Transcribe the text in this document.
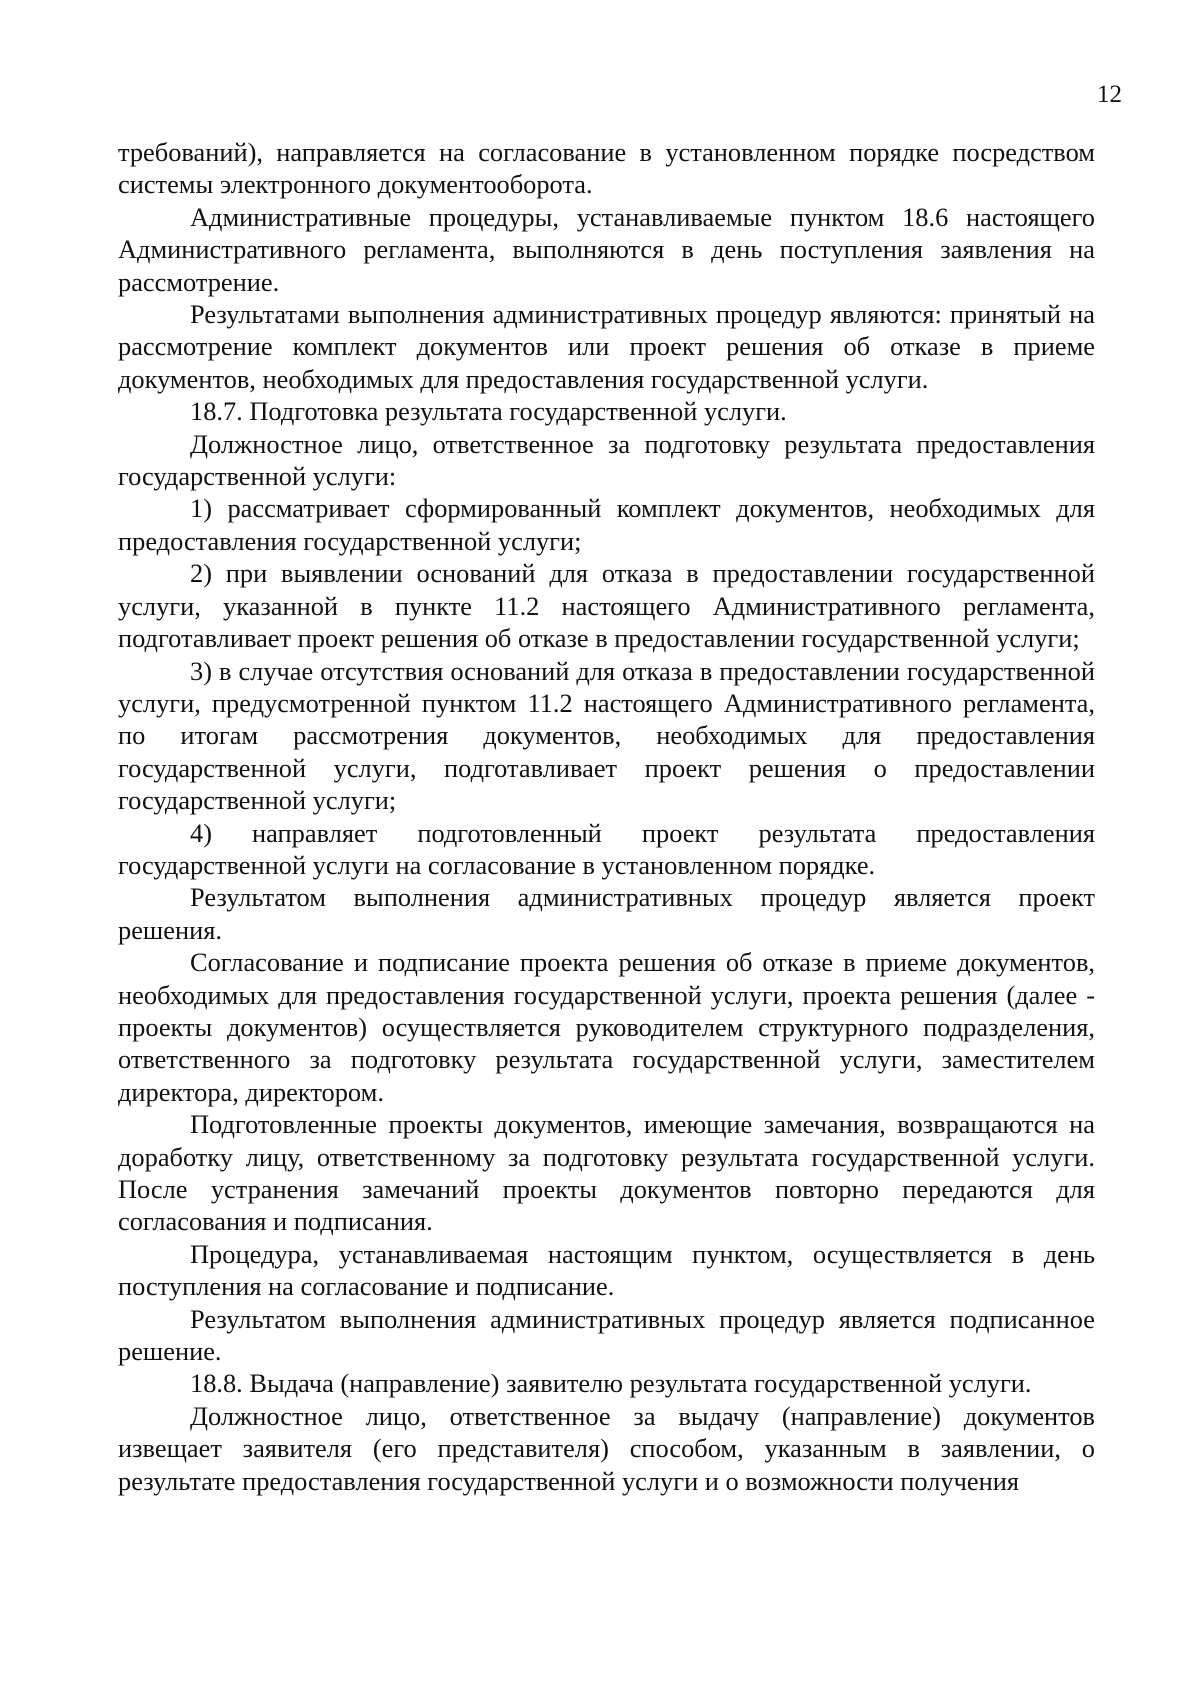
12

требований), направляется на согласование в установленном порядке посредством системы электронного документооборота.

Административные процедуры, устанавливаемые пунктом 18.6 настоящего Административного регламента, выполняются в день поступления заявления на рассмотрение.

Результатами выполнения административных процедур являются: принятый на рассмотрение комплект документов или проект решения об отказе в приеме документов, необходимых для предоставления государственной услуги.

18.7. Подготовка результата государственной услуги.

Должностное лицо, ответственное за подготовку результата предоставления государственной услуги:

1) рассматривает сформированный комплект документов, необходимых для предоставления государственной услуги;

2) при выявлении оснований для отказа в предоставлении государственной услуги, указанной в пункте 11.2 настоящего Административного регламента, подготавливает проект решения об отказе в предоставлении государственной услуги;

3) в случае отсутствия оснований для отказа в предоставлении государственной услуги, предусмотренной пунктом 11.2 настоящего Административного регламента, по итогам рассмотрения документов, необходимых для предоставления государственной услуги, подготавливает проект решения о предоставлении государственной услуги;

4) направляет подготовленный проект результата предоставления государственной услуги на согласование в установленном порядке.

Результатом выполнения административных процедур является проект решения.

Согласование и подписание проекта решения об отказе в приеме документов, необходимых для предоставления государственной услуги, проекта решения (далее - проекты документов) осуществляется руководителем структурного подразделения, ответственного за подготовку результата государственной услуги, заместителем директора, директором.

Подготовленные проекты документов, имеющие замечания, возвращаются на доработку лицу, ответственному за подготовку результата государственной услуги. После устранения замечаний проекты документов повторно передаются для согласования и подписания.

Процедура, устанавливаемая настоящим пунктом, осуществляется в день поступления на согласование и подписание.

Результатом выполнения административных процедур является подписанное решение.

18.8. Выдача (направление) заявителю результата государственной услуги.

Должностное лицо, ответственное за выдачу (направление) документов извещает заявителя (его представителя) способом, указанным в заявлении, о результате предоставления государственной услуги и о возможности получения
